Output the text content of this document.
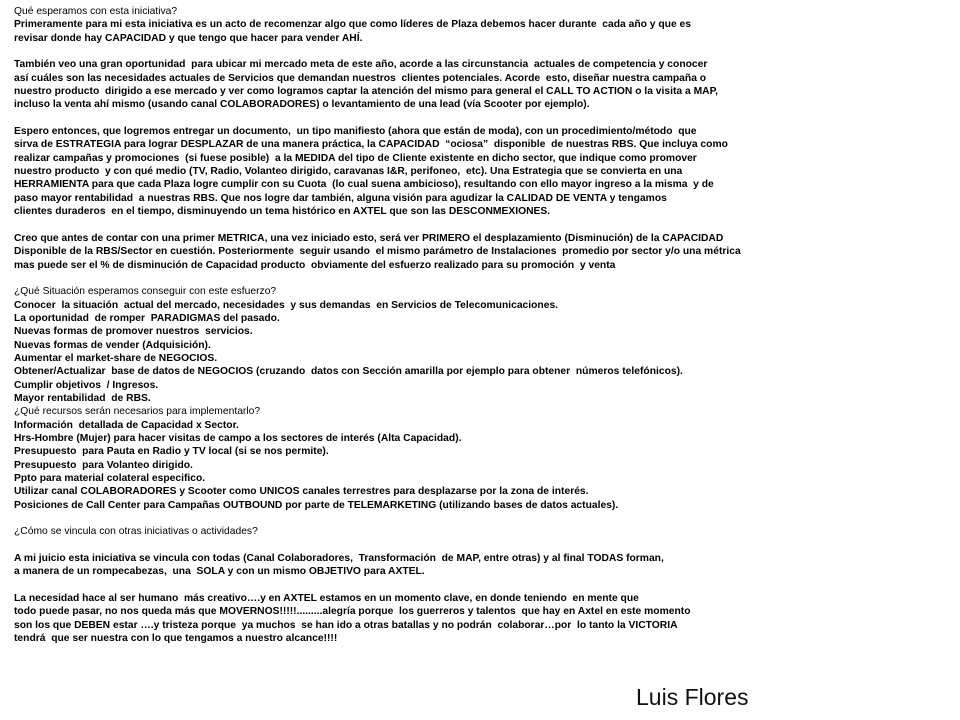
Qué esperamos con esta iniciativa?
Primeramente para mi esta iniciativa es un acto de recomenzar algo que como líderes de Plaza debemos hacer durante  cada año y que es
revisar donde hay CAPACIDAD y que tengo que hacer para vender AHÍ.
También veo una gran oportunidad  para ubicar mi mercado meta de este año, acorde a las circunstancia  actuales de competencia y conocer
así cuáles son las necesidades actuales de Servicios que demandan nuestros  clientes potenciales. Acorde  esto, diseñar nuestra campaña o
nuestro producto  dirigido a ese mercado y ver como logramos captar la atención del mismo para general el CALL TO ACTION o la visita a MAP,
incluso la venta ahí mismo (usando canal COLABORADORES) o levantamiento de una lead (vía Scooter por ejemplo).
Espero entonces, que logremos entregar un documento,  un tipo manifiesto (ahora que están de moda), con un procedimiento/método  que
sirva de ESTRATEGIA para lograr DESPLAZAR de una manera práctica, la CAPACIDAD  “ociosa”  disponible  de nuestras RBS. Que incluya como
realizar campañas y promociones  (si fuese posible)  a la MEDIDA del tipo de Cliente existente en dicho sector, que indique como promover
nuestro producto  y con qué medio (TV, Radio, Volanteo dirigido, caravanas I&R, perifoneo,  etc). Una Estrategia que se convierta en una
HERRAMIENTA para que cada Plaza logre cumplir con su Cuota  (lo cual suena ambicioso), resultando con ello mayor ingreso a la misma  y de
paso mayor rentabilidad  a nuestras RBS. Que nos logre dar también, alguna visión para agudizar la CALIDAD DE VENTA y tengamos
clientes duraderos  en el tiempo, disminuyendo un tema histórico en AXTEL que son las DESCONMEXIONES.
Creo que antes de contar con una primer METRICA, una vez iniciado esto, será ver PRIMERO el desplazamiento (Disminución) de la CAPACIDAD
Disponible de la RBS/Sector en cuestión. Posteriormente  seguir usando  el mismo parámetro de Instalaciones  promedio por sector y/o una métrica
mas puede ser el % de disminución de Capacidad producto  obviamente del esfuerzo realizado para su promoción  y venta
¿Qué Situación esperamos conseguir con este esfuerzo?
Conocer  la situación  actual del mercado, necesidades  y sus demandas  en Servicios de Telecomunicaciones.
La oportunidad  de romper  PARADIGMAS del pasado.
Nuevas formas de promover nuestros  servicios.
Nuevas formas de vender (Adquisición).
Aumentar el market-share de NEGOCIOS.
Obtener/Actualizar  base de datos de NEGOCIOS (cruzando  datos con Sección amarilla por ejemplo para obtener  números telefónicos).
Cumplir objetivos  / Ingresos.
Mayor rentabilidad  de RBS.
¿Qué recursos serán necesarios para implementarlo?
Información  detallada de Capacidad x Sector.
Hrs-Hombre (Mujer) para hacer visitas de campo a los sectores de interés (Alta Capacidad).
Presupuesto  para Pauta en Radio y TV local (si se nos permite).
Presupuesto  para Volanteo dirigido.
Ppto para material colateral especifico.
Utilizar canal COLABORADORES y Scooter como UNICOS canales terrestres para desplazarse por la zona de interés.
Posiciones de Call Center para Campañas OUTBOUND por parte de TELEMARKETING (utilizando bases de datos actuales).
¿Cómo se vincula con otras iniciativas o actividades?
A mi juicio esta iniciativa se vincula con todas (Canal Colaboradores,  Transformación  de MAP, entre otras) y al final TODAS forman,
a manera de un rompecabezas,  una  SOLA y con un mismo OBJETIVO para AXTEL.
La necesidad hace al ser humano  más creativo….y en AXTEL estamos en un momento clave, en donde teniendo  en mente que
todo puede pasar, no nos queda más que MOVERNOS!!!!!.........alegría porque  los guerreros y talentos  que hay en Axtel en este momento
son los que DEBEN estar ….y tristeza porque  ya muchos  se han ido a otras batallas y no podrán  colaborar…por  lo tanto la VICTORIA
tendrá  que ser nuestra con lo que tengamos a nuestro alcance!!!!
Luis Flores
